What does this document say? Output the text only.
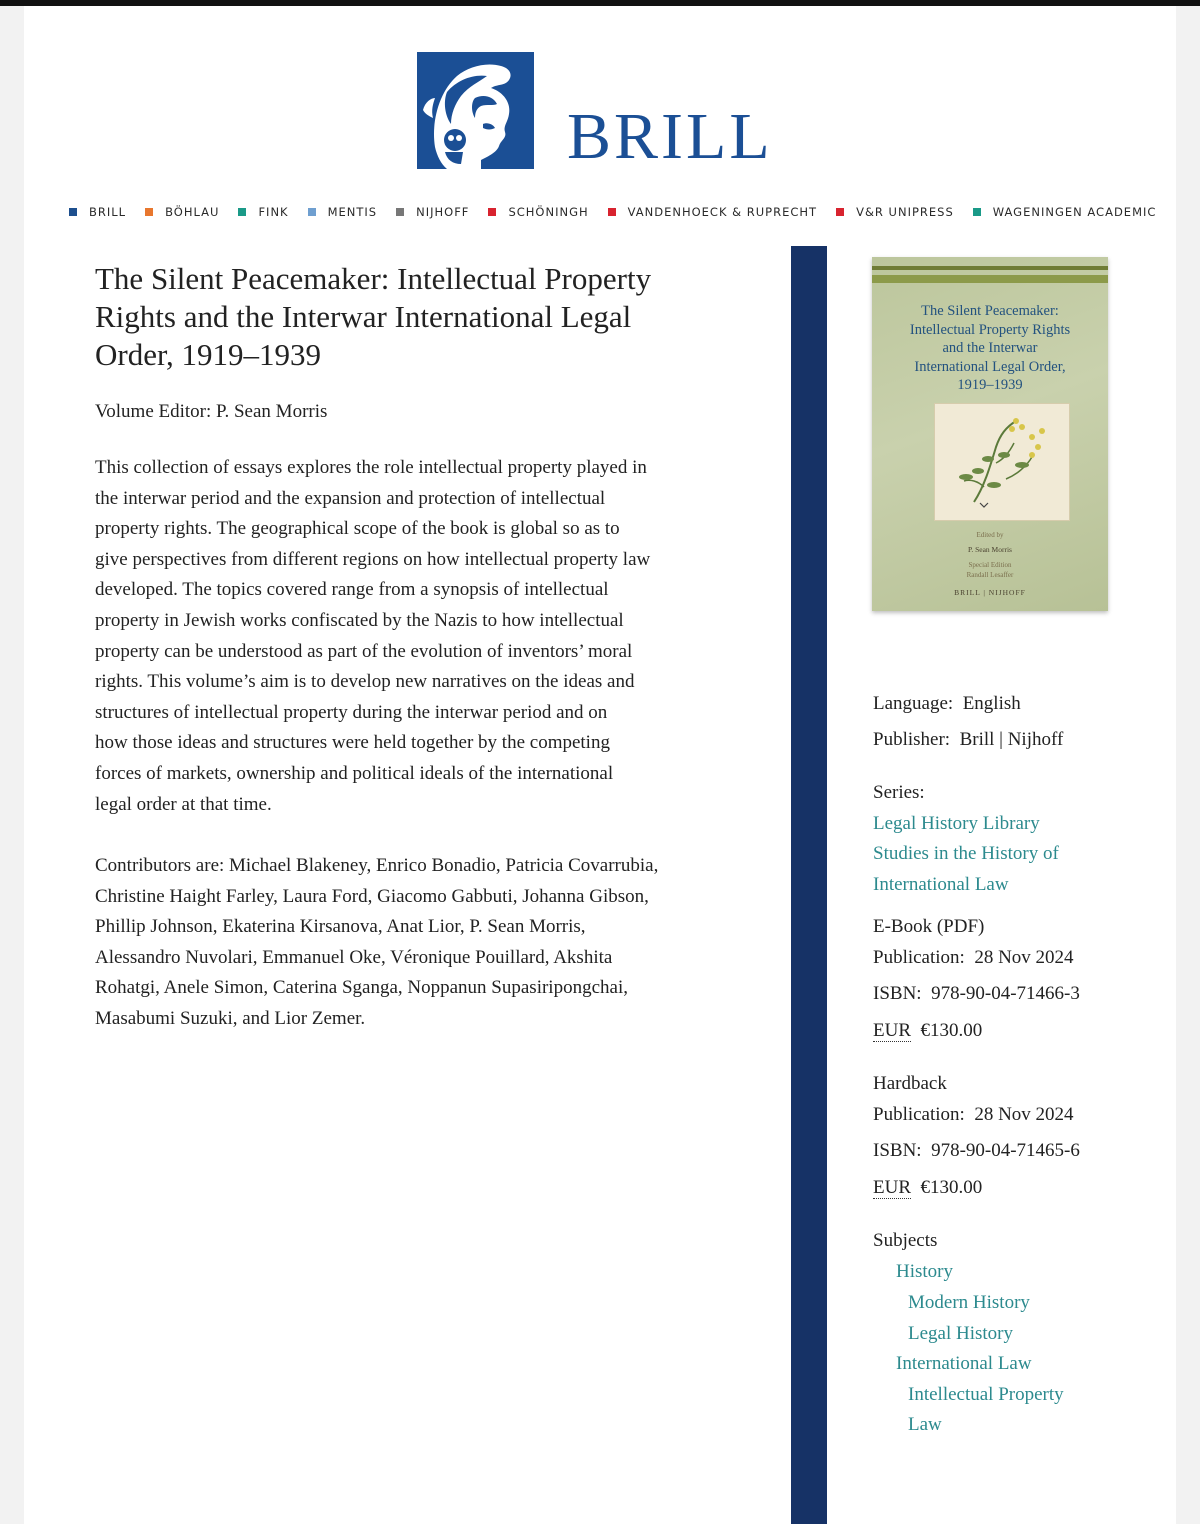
BRILL
BRILL	BÖHLAU	FINK	MENTIS	NIJHOFF	SCHÖNINGH	VANDENHOECK & RUPRECHT	V&R UNIPRESS	WAGENINGEN ACADEMIC
The Silent Peacemaker: Intellectual Property
Rights and the Interwar International Legal
Order, 1919–1939
Volume Editor: P. Sean Morris

This collection of essays explores the role intellectual property played in
the interwar period and the expansion and protection of intellectual
property rights. The geographical scope of the book is global so as to
give perspectives from different regions on how intellectual property law
developed. The topics covered range from a synopsis of intellectual
property in Jewish works confiscated by the Nazis to how intellectual
property can be understood as part of the evolution of inventors’ moral
rights. This volume’s aim is to develop new narratives on the ideas and
structures of intellectual property during the interwar period and on
how those ideas and structures were held together by the competing
forces of markets, ownership and political ideals of the international
legal order at that time.

Contributors are: Michael Blakeney, Enrico Bonadio, Patricia Covarrubia,
Christine Haight Farley, Laura Ford, Giacomo Gabbuti, Johanna Gibson,
Phillip Johnson, Ekaterina Kirsanova, Anat Lior, P. Sean Morris,
Alessandro Nuvolari, Emmanuel Oke, Véronique Pouillard, Akshita
Rohatgi, Anele Simon, Caterina Sganga, Noppanun Supasiripongchai,
Masabumi Suzuki, and Lior Zemer.

The Silent Peacemaker:
Intellectual Property Rights
and the Interwar
International Legal Order,
1919–1939
Edited by
P. Sean Morris
Special Edition
Randall Lesaffer
BRILL | NIJHOFF
Language: English
Publisher: Brill | Nijhoff
Series:
Legal History Library
Studies in the History of
International Law
E-Book (PDF)
Publication: 28 Nov 2024
ISBN: 978-90-04-71466-3
EUR €130.00
Hardback
Publication: 28 Nov 2024
ISBN: 978-90-04-71465-6
EUR €130.00
Subjects
History
Modern History
Legal History
International Law
Intellectual Property
Law
